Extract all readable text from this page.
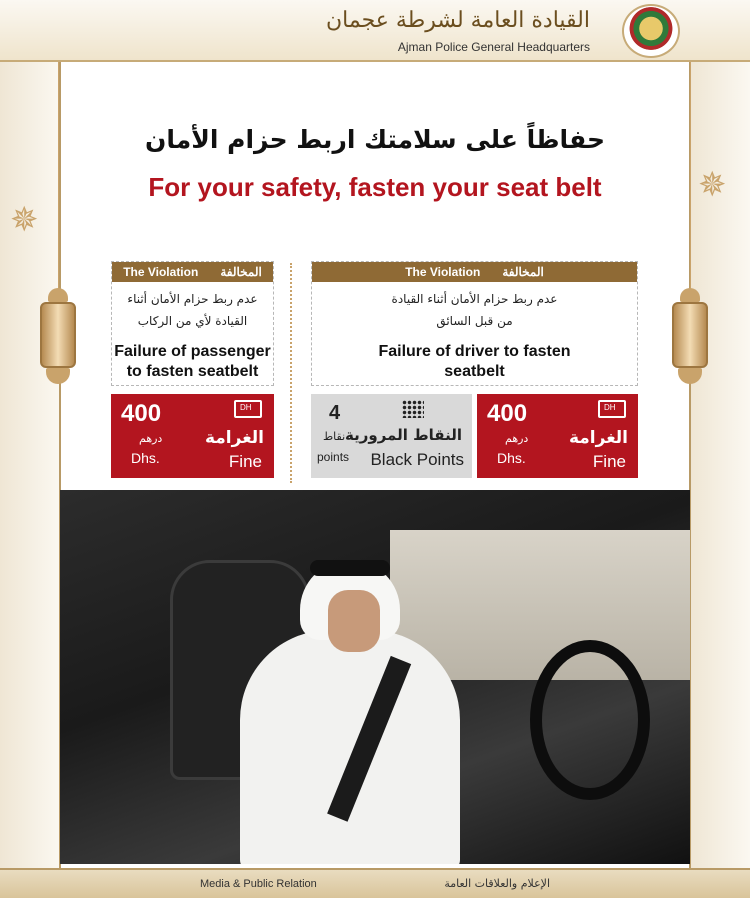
✵
✵
القيادة العامة لشرطة عجمان
Ajman Police General Headquarters
حفاظاً على سلامتك اربط حزام الأمان
For your safety, fasten your seat belt
The Violation المخالفة
عدم ربط حزام الأمان أثناء
القيادة لأي من الركاب
Failure of passenger
to fasten seatbelt
400
درهم
Dhs.
DH
الغرامة
Fine
The Violation المخالفة
عدم ربط حزام الأمان أثناء القيادة
من قبل السائق
Failure of driver to fasten
seatbelt
4
نقاط
points
النقاط المرورية
Black Points
400
درهم
Dhs.
DH
الغرامة
Fine
Media & Public Relation	الإعلام والعلاقات العامة
